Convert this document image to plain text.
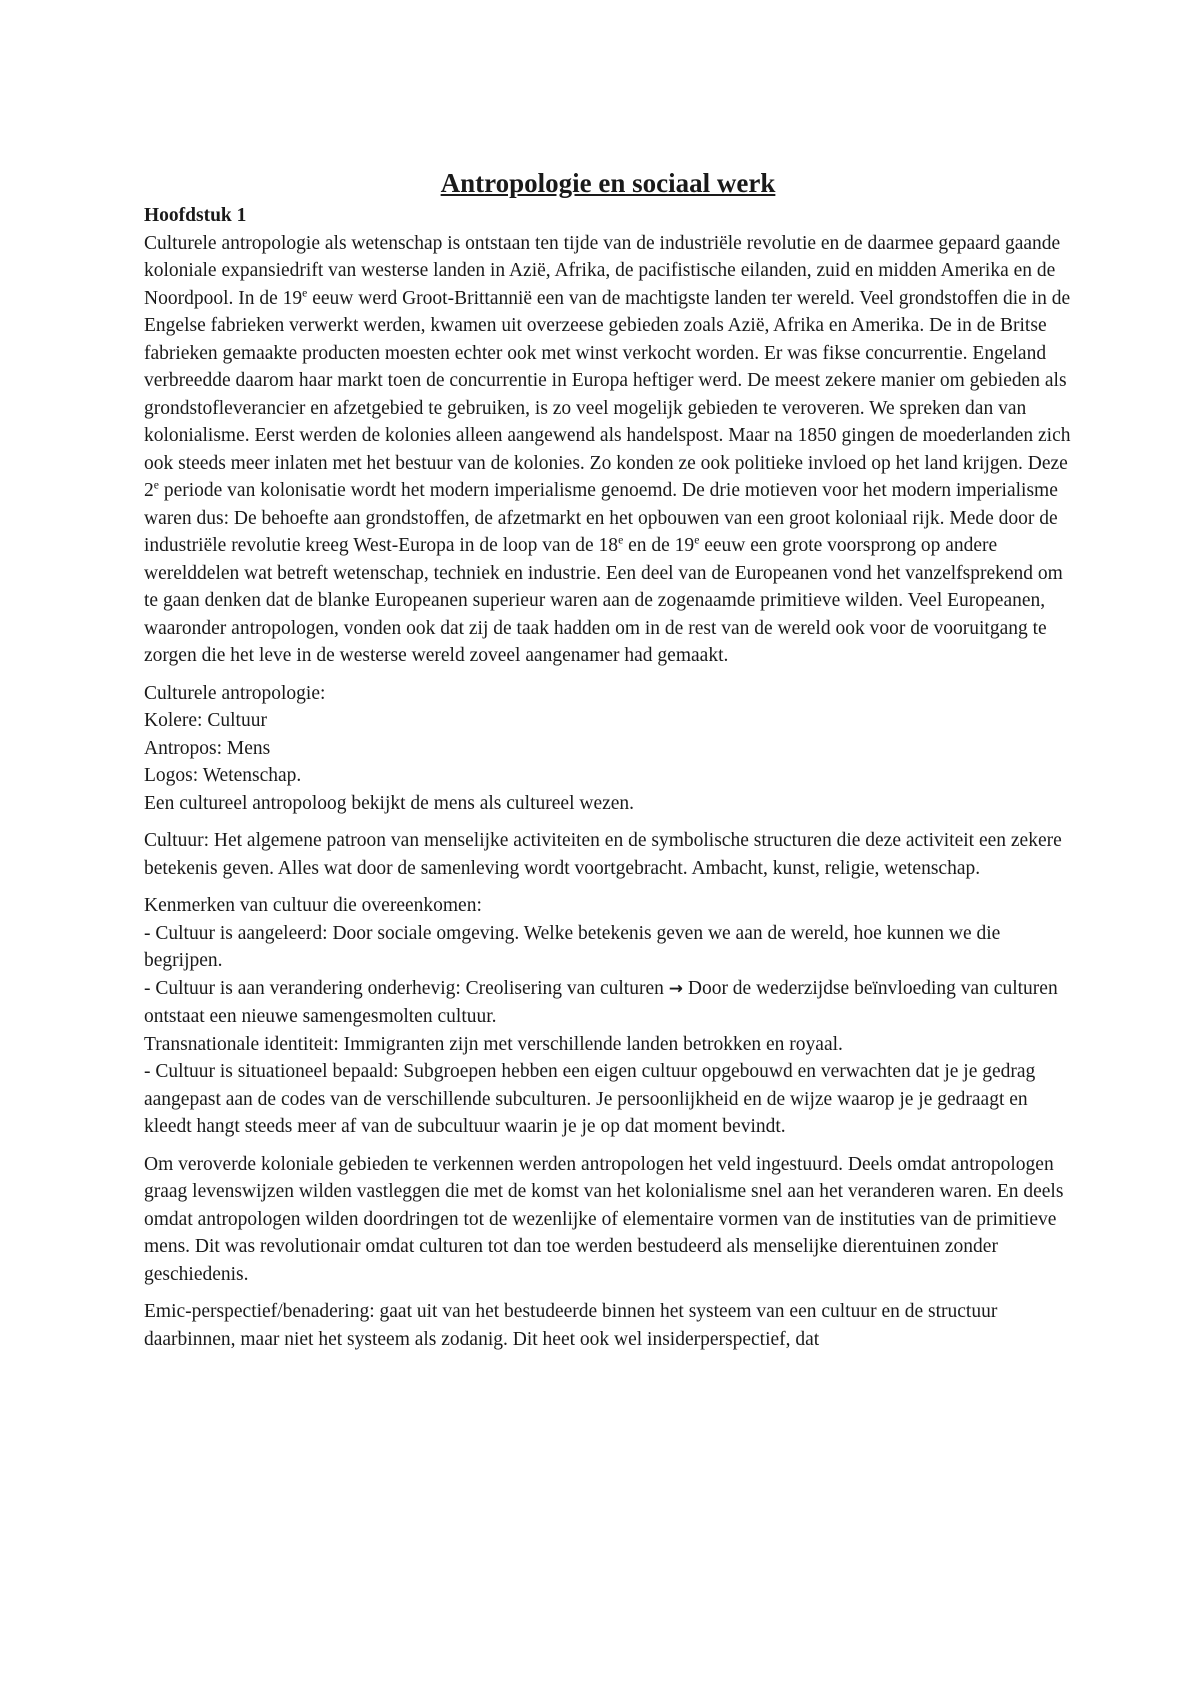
Antropologie en sociaal werk
Hoofdstuk 1
Culturele antropologie als wetenschap is ontstaan ten tijde van de industriële revolutie en de daarmee gepaard gaande koloniale expansiedrift van westerse landen in Azië, Afrika, de pacifistische eilanden, zuid en midden Amerika en de Noordpool. In de 19e eeuw werd Groot-Brittannië een van de machtigste landen ter wereld. Veel grondstoffen die in de Engelse fabrieken verwerkt werden, kwamen uit overzeese gebieden zoals Azië, Afrika en Amerika. De in de Britse fabrieken gemaakte producten moesten echter ook met winst verkocht worden. Er was fikse concurrentie. Engeland verbreedde daarom haar markt toen de concurrentie in Europa heftiger werd. De meest zekere manier om gebieden als grondstofleverancier en afzetgebied te gebruiken, is zo veel mogelijk gebieden te veroveren. We spreken dan van kolonialisme. Eerst werden de kolonies alleen aangewend als handelspost. Maar na 1850 gingen de moederlanden zich ook steeds meer inlaten met het bestuur van de kolonies. Zo konden ze ook politieke invloed op het land krijgen. Deze 2e periode van kolonisatie wordt het modern imperialisme genoemd. De drie motieven voor het modern imperialisme waren dus: De behoefte aan grondstoffen, de afzetmarkt en het opbouwen van een groot koloniaal rijk. Mede door de industriële revolutie kreeg West-Europa in de loop van de 18e en de 19e eeuw een grote voorsprong op andere werelddelen wat betreft wetenschap, techniek en industrie. Een deel van de Europeanen vond het vanzelfsprekend om te gaan denken dat de blanke Europeanen superieur waren aan de zogenaamde primitieve wilden. Veel Europeanen, waaronder antropologen, vonden ook dat zij de taak hadden om in de rest van de wereld ook voor de vooruitgang te zorgen die het leve in de westerse wereld zoveel aangenamer had gemaakt.
Culturele antropologie:
Kolere: Cultuur
Antropos: Mens
Logos: Wetenschap.
Een cultureel antropoloog bekijkt de mens als cultureel wezen.
Cultuur: Het algemene patroon van menselijke activiteiten en de symbolische structuren die deze activiteit een zekere betekenis geven. Alles wat door de samenleving wordt voortgebracht. Ambacht, kunst, religie, wetenschap.
Kenmerken van cultuur die overeenkomen:
- Cultuur is aangeleerd: Door sociale omgeving. Welke betekenis geven we aan de wereld, hoe kunnen we die begrijpen.
- Cultuur is aan verandering onderhevig: Creolisering van culturen → Door de wederzijdse beïnvloeding van culturen ontstaat een nieuwe samengesmolten cultuur.
Transnationale identiteit: Immigranten zijn met verschillende landen betrokken en royaal.
- Cultuur is situationeel bepaald: Subgroepen hebben een eigen cultuur opgebouwd en verwachten dat je je gedrag aangepast aan de codes van de verschillende subculturen. Je persoonlijkheid en de wijze waarop je je gedraagt en kleedt hangt steeds meer af van de subcultuur waarin je je op dat moment bevindt.
Om veroverde koloniale gebieden te verkennen werden antropologen het veld ingestuurd. Deels omdat antropologen graag levenswijzen wilden vastleggen die met de komst van het kolonialisme snel aan het veranderen waren. En deels omdat antropologen wilden doordringen tot de wezenlijke of elementaire vormen van de instituties van de primitieve mens. Dit was revolutionair omdat culturen tot dan toe werden bestudeerd als menselijke dierentuinen zonder geschiedenis.
Emic-perspectief/benadering: gaat uit van het bestudeerde binnen het systeem van een cultuur en de structuur daarbinnen, maar niet het systeem als zodanig. Dit heet ook wel insiderperspectief, dat
